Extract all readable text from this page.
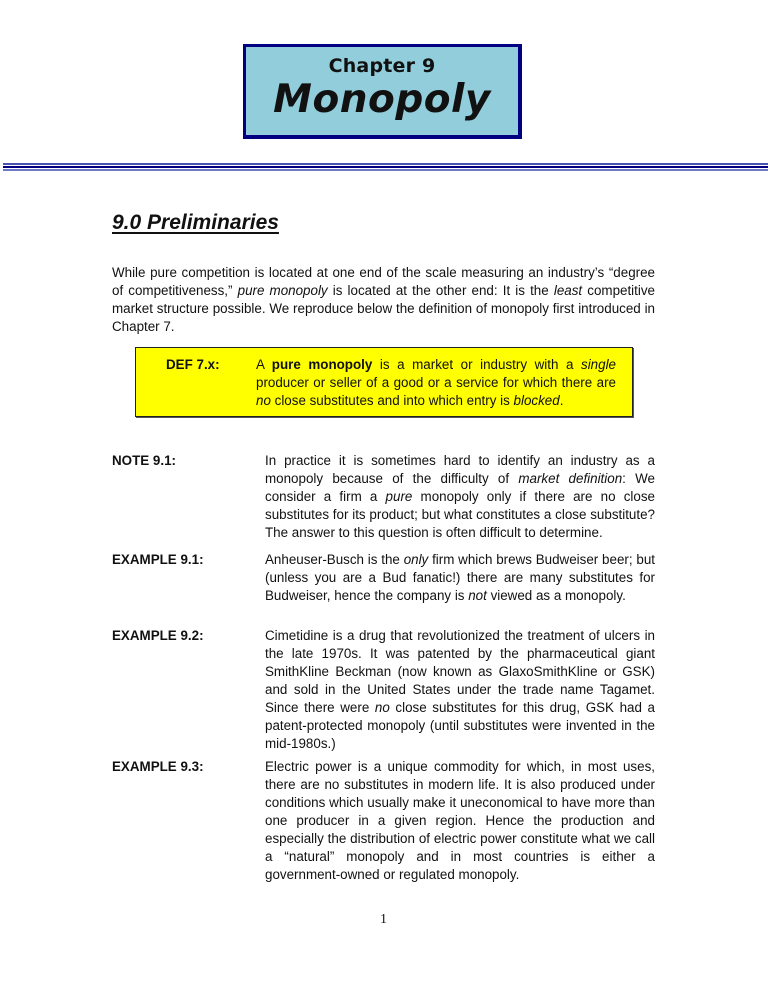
Chapter 9
Monopoly
9.0 Preliminaries
While pure competition is located at one end of the scale measuring an industry’s “degree of competitiveness,” pure monopoly is located at the other end: It is the least competitive market structure possible. We reproduce below the definition of monopoly first introduced in Chapter 7.
DEF 7.x:	A pure monopoly is a market or industry with a single producer or seller of a good or a service for which there are no close substitutes and into which entry is blocked.
NOTE 9.1:	In practice it is sometimes hard to identify an industry as a monopoly because of the difficulty of market definition: We consider a firm a pure monopoly only if there are no close substitutes for its product; but what constitutes a close substitute? The answer to this question is often difficult to determine.
EXAMPLE 9.1:	Anheuser-Busch is the only firm which brews Budweiser beer; but (unless you are a Bud fanatic!) there are many substitutes for Budweiser, hence the company is not viewed as a monopoly.
EXAMPLE 9.2:	Cimetidine is a drug that revolutionized the treatment of ulcers in the late 1970s. It was patented by the pharmaceutical giant SmithKline Beckman (now known as GlaxoSmithKline or GSK) and sold in the United States under the trade name Tagamet. Since there were no close substitutes for this drug, GSK had a patent-protected monopoly (until substitutes were invented in the mid-1980s.)
EXAMPLE 9.3:	Electric power is a unique commodity for which, in most uses, there are no substitutes in modern life. It is also produced under conditions which usually make it uneconomical to have more than one producer in a given region. Hence the production and especially the distribution of electric power constitute what we call a “natural” monopoly and in most countries is either a government-owned or regulated monopoly.
1
